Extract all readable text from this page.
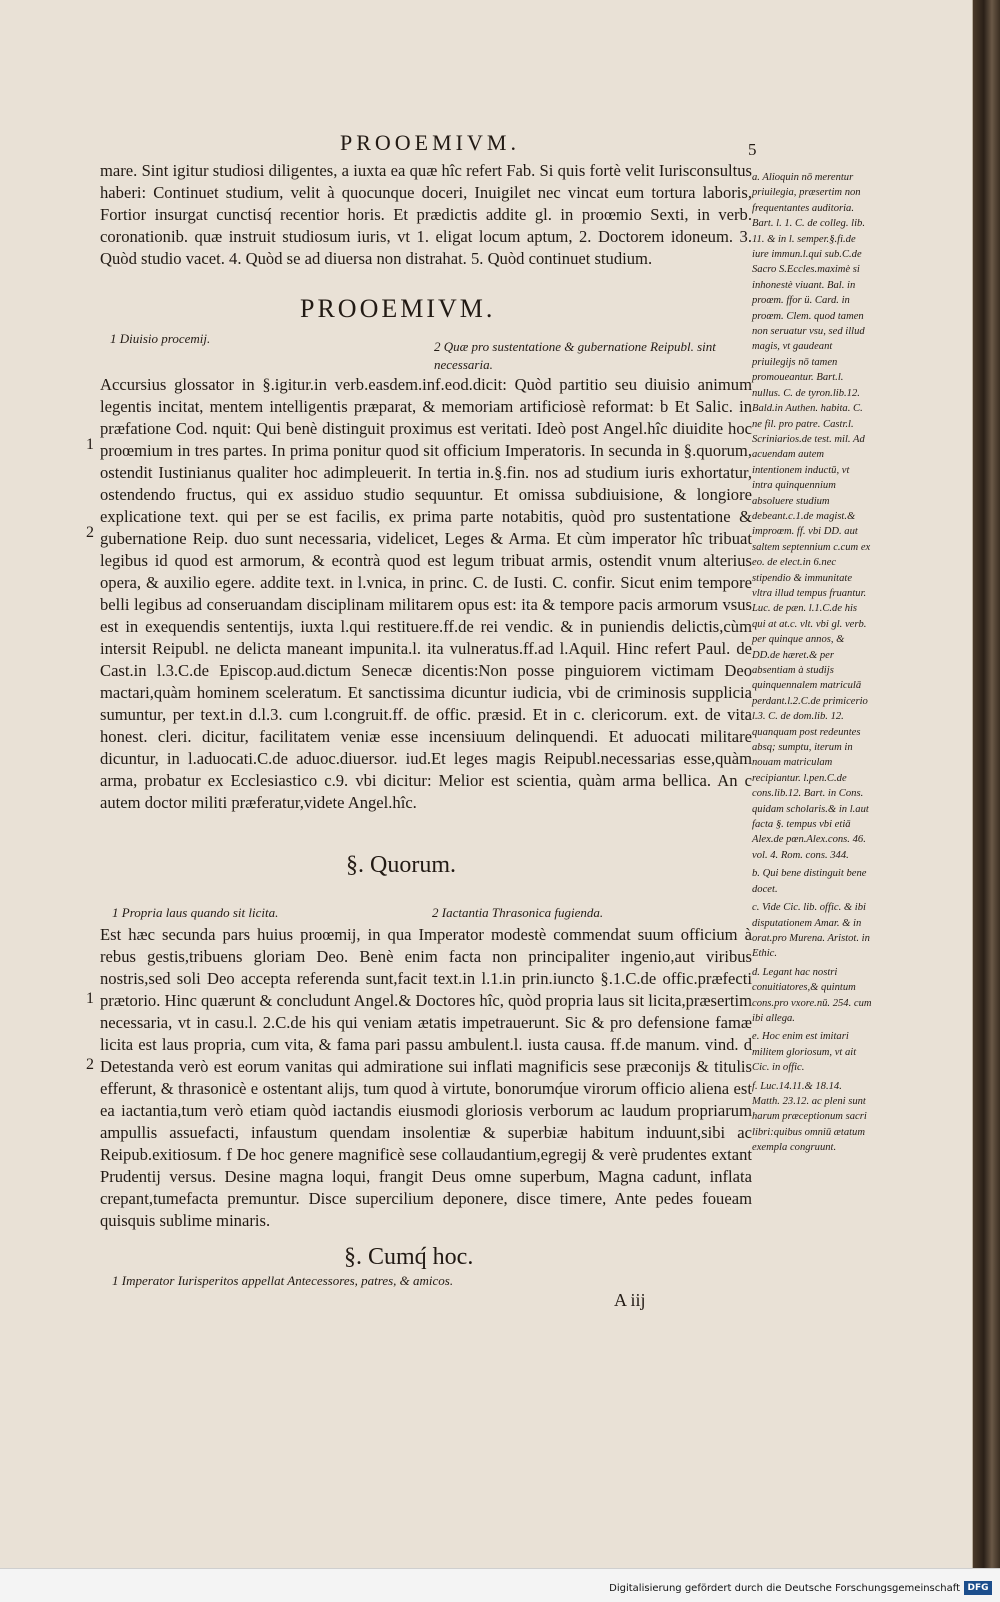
PROOEMIVM.	5

mare. Sint igitur studiosi diligentes, a iuxta ea quæ hîc refert Fab. Si quis fortè velit Iurisconsultus haberi: Continuet studium, velit à quocunque doceri, Inuigilet nec vincat eum tortura laboris, Fortior insurgat cunctisq́ recentior horis. Et prædictis addite gl. in proœmio Sexti, in verb. coronationib. quæ instruit studiosum iuris, vt 1. eligat locum aptum, 2. Doctorem idoneum. 3. Quòd studio vacet. 4. Quòd se ad diuersa non distrahat. 5. Quòd continuet studium.

PROOEMIVM.
1 Diuisio procemij.
2 Quæ pro sustentatione & gubernatione Reipubl. sint necessaria.

Accursius glossator in §.igitur.in verb.easdem.inf.eod.dicit: Quòd partitio seu diuisio animum legentis incitat, mentem intelligentis præparat, & memoriam artificiosè reformat: b Et Salic. in præfatione Cod. nquit: Qui benè distinguit proximus est veritati. Ideò post Angel.hîc diuidite hoc proœmium in tres partes. In prima ponitur quod sit officium Imperatoris. In secunda in §.quorum, ostendit Iustinianus qualiter hoc adimpleuerit. In tertia in.§.fin. nos ad studium iuris exhortatur, ostendendo fructus, qui ex assiduo studio sequuntur. Et omissa subdiuisione, & longiore explicatione text. qui per se est facilis, ex prima parte notabitis, quòd pro sustentatione & gubernatione Reip. duo sunt necessaria, videlicet, Leges & Arma. Et cùm imperator hîc tribuat legibus id quod est armorum, & econtrà quod est legum tribuat armis, ostendit vnum alterius opera, & auxilio egere. addite text. in l.vnica, in princ. C. de Iusti. C. confir. Sicut enim tempore belli legibus ad conseruandam disciplinam militarem opus est: ita & tempore pacis armorum vsus est in exequendis sententijs, iuxta l.qui restituere.ff.de rei vendic. & in puniendis delictis,cùm intersit Reipubl. ne delicta maneant impunita.l. ita vulneratus.ff.ad l.Aquil. Hinc refert Paul. de Cast.in l.3.C.de Episcop.aud.dictum Senecæ dicentis:Non posse pinguiorem victimam Deo mactari,quàm hominem sceleratum. Et sanctissima dicuntur iudicia, vbi de criminosis supplicia sumuntur, per text.in d.l.3. cum l.congruit.ff. de offic. præsid. Et in c. clericorum. ext. de vita honest. cleri. dicitur, facilitatem veniæ esse incensiuum delinquendi. Et aduocati militare dicuntur, in l.aduocati.C.de aduoc.diuersor. iud.Et leges magis Reipubl.necessarias esse,quàm arma, probatur ex Ecclesiastico c.9. vbi dicitur: Melior est scientia, quàm arma bellica. An c autem doctor militi præferatur,videte Angel.hîc.

1
2
§. Quorum.
1 Propria laus quando sit licita.	2 Iactantia Thrasonica fugienda.

Est hæc secunda pars huius proœmij, in qua Imperator modestè commendat suum officium à rebus gestis,tribuens gloriam Deo. Benè enim facta non principaliter ingenio,aut viribus nostris,sed soli Deo accepta referenda sunt,facit text.in l.1.in prin.iuncto §.1.C.de offic.præfecti prætorio. Hinc quærunt & concludunt Angel.& Doctores hîc, quòd propria laus sit licita,præsertim necessaria, vt in casu.l. 2.C.de his qui veniam ætatis impetrauerunt. Sic & pro defensione famæ licita est laus propria, cum vita, & fama pari passu ambulent.l. iusta causa. ff.de manum. vind. d Detestanda verò est eorum vanitas qui admiratione sui inflati magnificis sese præconijs & titulis efferunt, & thrasonicè e ostentant alijs, tum quod à virtute, bonorumq́ue virorum officio aliena est ea iactantia,tum verò etiam quòd iactandis eiusmodi gloriosis verborum ac laudum propriarum ampullis assuefacti, infaustum quendam insolentiæ & superbiæ habitum induunt,sibi ac Reipub.exitiosum. f De hoc genere magnificè sese collaudantium,egregij & verè prudentes extant Prudentij versus. Desine magna loqui, frangit Deus omne superbum, Magna cadunt, inflata crepant,tumefacta premuntur. Disce supercilium deponere, disce timere, Ante pedes foueam quisquis sublime minaris.

1
2
§. Cumq́ hoc.
1 Imperator Iurisperitos appellat Antecessores, patres, & amicos.
A iij

a. Alioquin nō merentur priuilegia, præsertim non frequentantes auditoria. Bart. l. 1. C. de colleg. lib. 11. & in l. semper.§.fi.de iure immun.l.qui sub.C.de Sacro S.Eccles.maximè si inhonestè viuant. Bal. in proœm. ffor ü. Card. in proœm. Clem. quod tamen non seruatur vsu, sed illud magis, vt gaudeant priuilegijs nō tamen promoueantur. Bart.l. nullus. C. de tyron.lib.12. Bald.in Authen. habita. C. ne fil. pro patre. Castr.l. Scriniarios.de test. mil. Ad acuendam autem intentionem inductū, vt intra quinquennium absoluere studium debeant.c.1.de magist.& improœm. ff. vbi DD. aut saltem septennium c.cum ex eo. de elect.in 6.nec stipendio & immunitate vltra illud tempus fruantur. Luc. de pæn. l.1.C.de his qui at at.c. vlt. vbi gl. verb. per quinque annos, & DD.de hæret.& per absentiam à studijs quinquennalem matriculā perdant.l.2.C.de primicerio l.3. C. de dom.lib. 12. quanquam post redeuntes absq; sumptu, iterum in nouam matriculam recipiantur. l.pen.C.de cons.lib.12. Bart. in Cons. quidam scholaris.& in l.aut facta §. tempus vbi etiā Alex.de pœn.Alex.cons. 46. vol. 4. Rom. cons. 344.

b. Qui bene distinguit bene docet.

c. Vide Cic. lib. offic. & ibi disputationem Amar. & in orat.pro Murena. Aristot. in Ethic.

d. Legant hac nostri conuitiatores,& quintum cons.pro vxore.nū. 254. cum ibi allega.

e. Hoc enim est imitari militem gloriosum, vt ait Cic. in offic.

f. Luc.14.11.& 18.14. Matth. 23.12. ac pleni sunt harum præceptionum sacri libri:quibus omniū ætatum exempla congruunt.

Digitalisierung gefördert durch die Deutsche Forschungsgemeinschaft DFG
